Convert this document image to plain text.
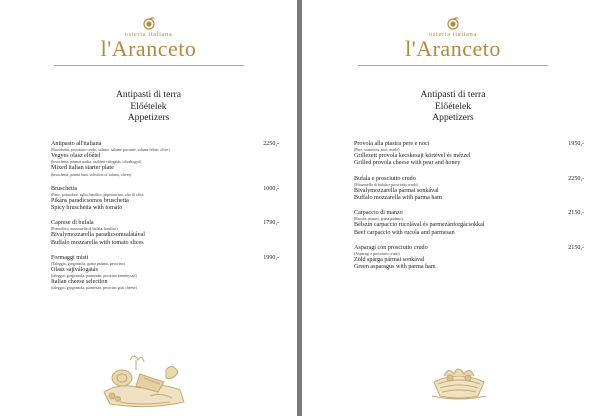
osteria italiana
l'Aranceto
Antipasti di terra
Előételek
Appetizers
2250,-
Antipasto all'italiana
(Bruschetta, prosciutto crudo, salame, salame piccante, salame felino, olive)
Vegyes olasz előétel
(bruschetta, pármai sonka, szalámi válogatás, olívabogyó)
Mixed italian starter plate
(bruschetta, parma ham, selection of salami, olives)
1000,-
Bruschetta
(Pane, pomodoro, aglio, basilico, peperoncino, olio di oliva
Pikáns paradicsomos bruschetta
Spicy bruschetta with tomato
1790,-
Caprese di bufala
(Pomodoro, mozzarella di bufala, basilico)
Bivalymozzarella paradicsomsalátával
Buffalo mozzarella with tomato slices
1990,-
Formaggi misti
(Taleggio, gorgonzola, grana padano, pecorino)
Olasz sajtválogatás
(taleggio, gorgonzola, parmezán, pecorino keménysajt)
Italian cheese selection
(taleggio, gorgonzola, parmesan, pecorino goat cheese)
osteria italiana
l'Aranceto
Antipasti di terra
Előételek
Appetizers
1950,-
Provola alla piastra pere e noci
(Pere, scamorza, noci, miele)
Grillezett provola kecskesajt körtével és mézzel
Grilled provola cheese with pear and honey
2250,-
Bufala e prosciutto crudo
(Mozzarella di bufala e prosciutto crudo)
Bivalymozzarella pármai sonkával
Buffalo mozzarella with parma ham
2150,-
Carpaccio di manzo
(Rucola, manzo, grana padano)
Bélszín carpaccio rucolával és parmezánforgácsokkal
Beef carpaccio with rucola and parmesan
2150,-
Asparagi con prosciutto crudo
(Asparagi e prosciutto crudo)
Zöld spárga pármai sonkával
Green asparagus with parma ham
